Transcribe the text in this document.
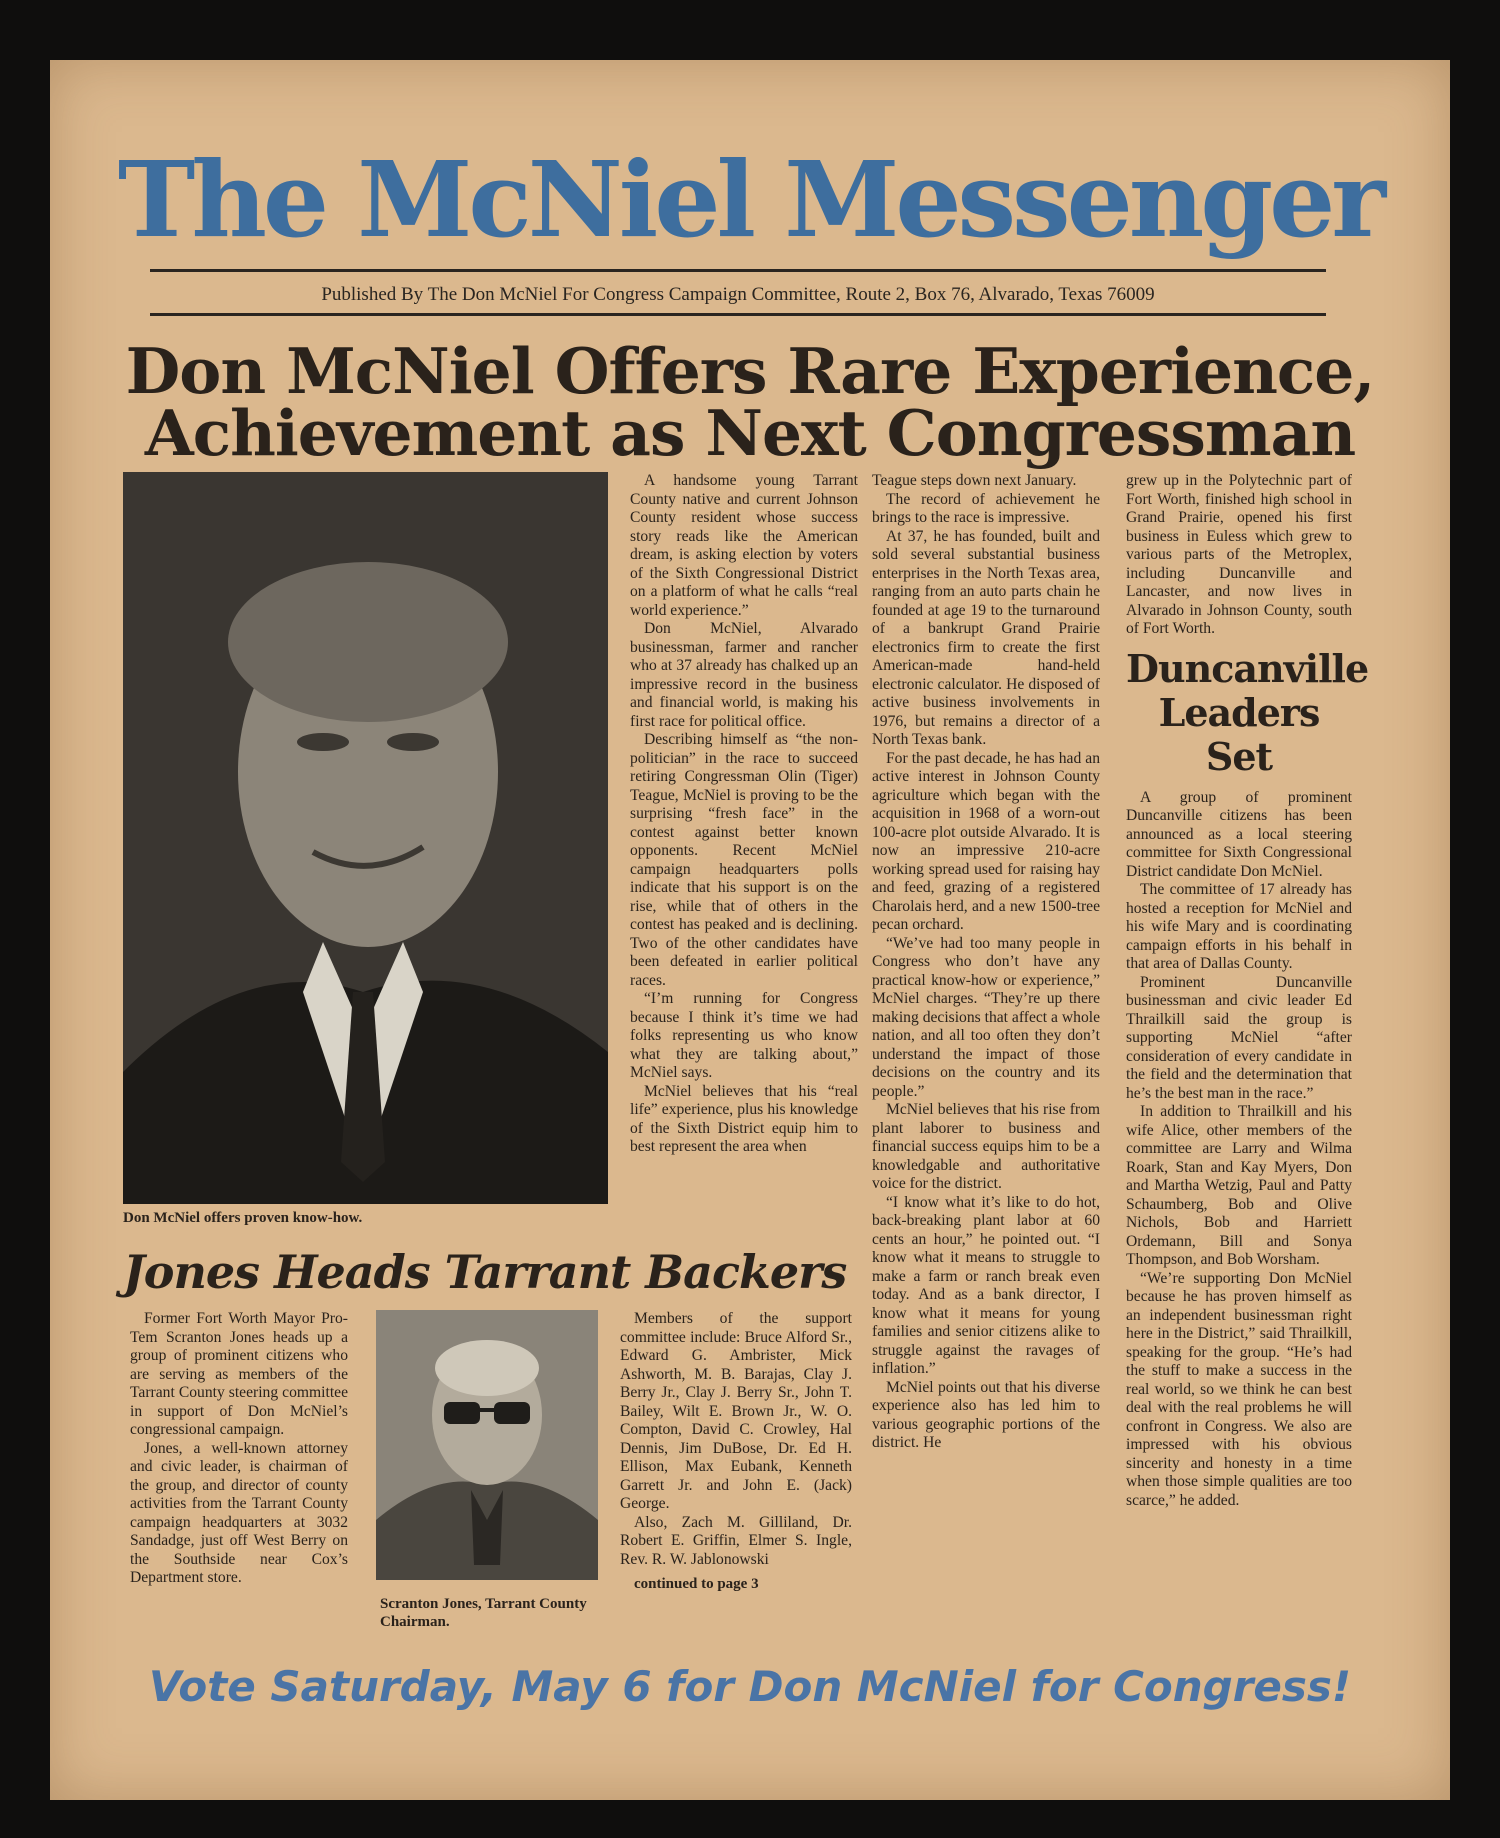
The McNiel Messenger
Published By The Don McNiel For Congress Campaign Committee, Route 2, Box 76, Alvarado, Texas 76009
Don McNiel Offers Rare Experience,
Achievement as Next Congressman
Don McNiel offers proven know-how.

A handsome young Tarrant County native and current Johnson County resident whose success story reads like the American dream, is asking election by voters of the Sixth Congressional District on a platform of what he calls “real world experience.”

Don McNiel, Alvarado businessman, farmer and rancher who at 37 already has chalked up an impressive record in the business and financial world, is making his first race for political office.

Describing himself as “the non-politician” in the race to succeed retiring Congressman Olin (Tiger) Teague, McNiel is proving to be the surprising “fresh face” in the contest against better known opponents. Recent McNiel campaign headquarters polls indicate that his support is on the rise, while that of others in the contest has peaked and is declining. Two of the other candidates have been defeated in earlier political races.

“I’m running for Congress because I think it’s time we had folks representing us who know what they are talking about,” McNiel says.

McNiel believes that his “real life” experience, plus his knowledge of the Sixth District equip him to best represent the area when

Teague steps down next January.

The record of achievement he brings to the race is impressive.

At 37, he has founded, built and sold several substantial business enterprises in the North Texas area, ranging from an auto parts chain he founded at age 19 to the turnaround of a bankrupt Grand Prairie electronics firm to create the first American-made hand-held electronic calculator. He disposed of active business involvements in 1976, but remains a director of a North Texas bank.

For the past decade, he has had an active interest in Johnson County agriculture which began with the acquisition in 1968 of a worn-out 100-acre plot outside Alvarado. It is now an impressive 210-acre working spread used for raising hay and feed, grazing of a registered Charolais herd, and a new 1500-tree pecan orchard.

“We’ve had too many people in Congress who don’t have any practical know-how or experience,” McNiel charges. “They’re up there making decisions that affect a whole nation, and all too often they don’t understand the impact of those decisions on the country and its people.”

McNiel believes that his rise from plant laborer to business and financial success equips him to be a knowledgable and authoritative voice for the district.

“I know what it’s like to do hot, back-breaking plant labor at 60 cents an hour,” he pointed out. “I know what it means to struggle to make a farm or ranch break even today. And as a bank director, I know what it means for young families and senior citizens alike to struggle against the ravages of inflation.”

McNiel points out that his diverse experience also has led him to various geographic portions of the district. He

grew up in the Polytechnic part of Fort Worth, finished high school in Grand Prairie, opened his first business in Euless which grew to various parts of the Metroplex, including Duncanville and Lancaster, and now lives in Alvarado in Johnson County, south of Fort Worth.

Duncanville
Leaders Set

A group of prominent Duncanville citizens has been announced as a local steering committee for Sixth Congressional District candidate Don McNiel.

The committee of 17 already has hosted a reception for McNiel and his wife Mary and is coordinating campaign efforts in his behalf in that area of Dallas County.

Prominent Duncanville businessman and civic leader Ed Thrailkill said the group is supporting McNiel “after consideration of every candidate in the field and the determination that he’s the best man in the race.”

In addition to Thrailkill and his wife Alice, other members of the committee are Larry and Wilma Roark, Stan and Kay Myers, Don and Martha Wetzig, Paul and Patty Schaumberg, Bob and Olive Nichols, Bob and Harriett Ordemann, Bill and Sonya Thompson, and Bob Worsham.

“We’re supporting Don McNiel because he has proven himself as an independent businessman right here in the District,” said Thrailkill, speaking for the group. “He’s had the stuff to make a success in the real world, so we think he can best deal with the real problems he will confront in Congress. We also are impressed with his obvious sincerity and honesty in a time when those simple qualities are too scarce,” he added.

Jones Heads Tarrant Backers

Former Fort Worth Mayor Pro-Tem Scranton Jones heads up a group of prominent citizens who are serving as members of the Tarrant County steering committee in support of Don McNiel’s congressional campaign.

Jones, a well-known attorney and civic leader, is chairman of the group, and director of county activities from the Tarrant County campaign headquarters at 3032 Sandadge, just off West Berry on the Southside near Cox’s Department store.

Scranton Jones, Tarrant County Chairman.

Members of the support committee include: Bruce Alford Sr., Edward G. Ambrister, Mick Ashworth, M. B. Barajas, Clay J. Berry Jr., Clay J. Berry Sr., John T. Bailey, Wilt E. Brown Jr., W. O. Compton, David C. Crowley, Hal Dennis, Jim DuBose, Dr. Ed H. Ellison, Max Eubank, Kenneth Garrett Jr. and John E. (Jack) George.

Also, Zach M. Gilliland, Dr. Robert E. Griffin, Elmer S. Ingle, Rev. R. W. Jablonowski

continued to page 3
Vote Saturday, May 6 for Don McNiel for Congress!
